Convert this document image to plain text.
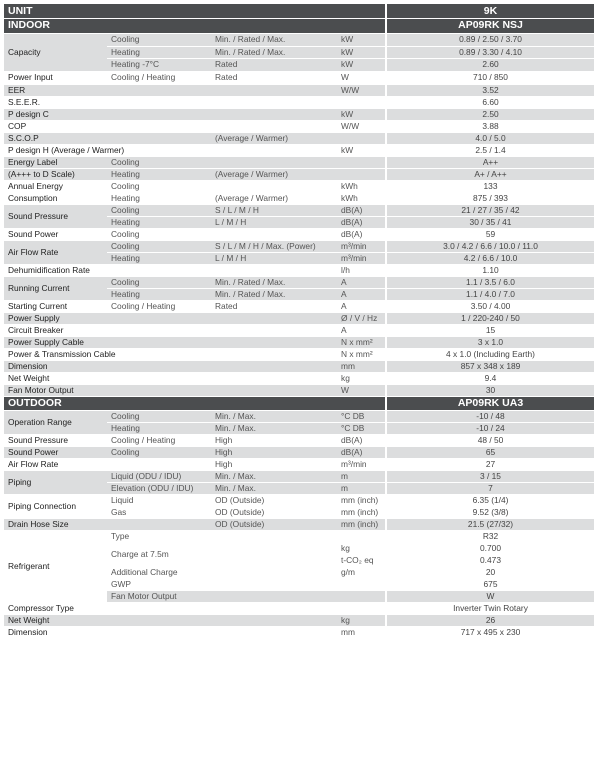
UNIT				9K	
INDOOR				AP09RK NSJ	
Capacity	Cooling	Min. / Rated / Max.	kW	0.89 / 2.50 / 3.70	
	Heating	Min. / Rated / Max.	kW	0.89 / 3.30 / 4.10	
	Heating -7°C	Rated	kW	2.60	
Power Input	Cooling / Heating	Rated	W	710 / 850	
EER			W/W	3.52	
S.E.E.R.				6.60	
P design C			kW	2.50	
COP			W/W	3.88	
S.C.O.P		(Average / Warmer)		4.0 / 5.0	
P design H (Average / Warmer)			kW	2.5 / 1.4	
Energy Label	Cooling			A++	
(A+++ to D Scale)	Heating	(Average / Warmer)		A+ / A++	
Annual Energy	Cooling		kWh	133	
Consumption	Heating	(Average / Warmer)	kWh	875 / 393	
Sound Pressure	Cooling	S / L / M / H	dB(A)	21 / 27 / 35 / 42	
	Heating	L / M / H	dB(A)	30 / 35 / 41	
Sound Power	Cooling		dB(A)	59	
Air Flow Rate	Cooling	S / L / M / H / Max. (Power)	m³/min	3.0 / 4.2 / 6.6 / 10.0 / 11.0	
	Heating	L / M / H	m³/min	4.2 / 6.6 / 10.0	
Dehumidification Rate			l/h	1.10	
Running Current	Cooling	Min. / Rated / Max.	A	1.1 / 3.5 / 6.0	
	Heating	Min. / Rated / Max.	A	1.1 / 4.0 / 7.0	
Starting Current	Cooling / Heating	Rated	A	3.50 / 4.00	
Power Supply			Ø / V / Hz	1 / 220-240 / 50	
Circuit Breaker			A	15	
Power Supply Cable			N x mm²	3 x 1.0	
Power & Transmission Cable			N x mm²	4 x 1.0 (Including Earth)	
Dimension			mm	857 x 348 x 189	
Net Weight			kg	9.4	
Fan Motor Output			W	30	
OUTDOOR				AP09RK UA3	
Operation Range	Cooling	Min. / Max.	°C DB	-10 / 48	
	Heating	Min. / Max.	°C DB	-10 / 24	
Sound Pressure	Cooling / Heating	High	dB(A)	48 / 50	
Sound Power	Cooling	High	dB(A)	65	
Air Flow Rate		High	m³/min	27	
Piping	Liquid (ODU / IDU)	Min. / Max.	m	3 / 15	
	Elevation (ODU / IDU)	Min. / Max.	m	7	
Piping Connection	Liquid	OD (Outside)	mm (inch)	6.35 (1/4)	
	Gas	OD (Outside)	mm (inch)	9.52 (3/8)	
Drain Hose Size		OD (Outside)	mm (inch)	21.5 (27/32)	
Refrigerant	Type			R32	
	Charge at 7.5m		kg	0.700	
			t-CO₂ eq	0.473	
	Additional Charge		g/m	20	
	GWP			675	
	Fan Motor Output			W	
Compressor Type				Inverter Twin Rotary	
Net Weight			kg	26	
Dimension			mm	717 x 495 x 230	
